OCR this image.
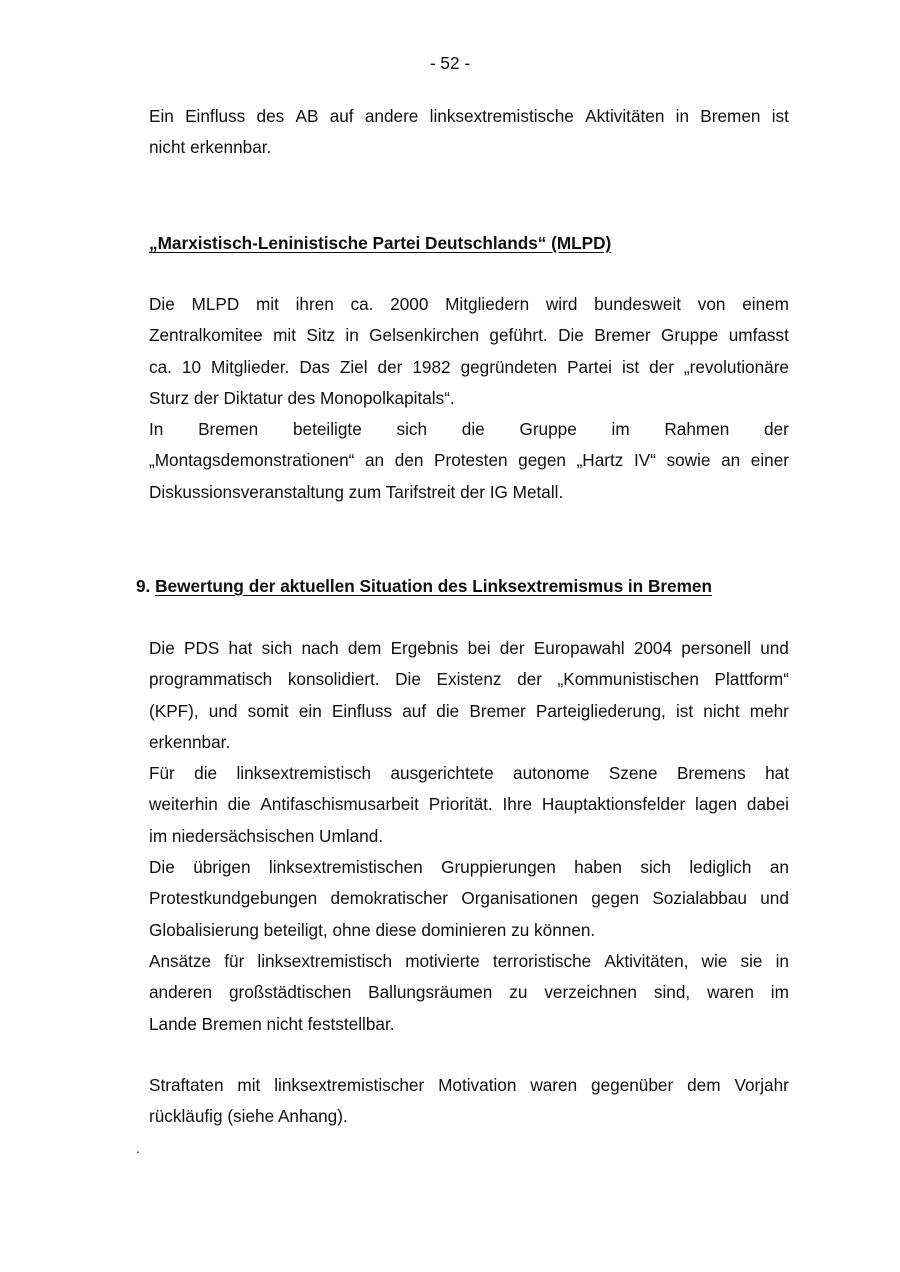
- 52 -

Ein Einfluss des AB auf andere linksextremistische Aktivitäten in Bremen ist

nicht erkennbar.

„Marxistisch-Leninistische Partei Deutschlands“ (MLPD)

Die MLPD mit ihren ca. 2000 Mitgliedern wird bundesweit von einem

Zentralkomitee mit Sitz in Gelsenkirchen geführt. Die Bremer Gruppe umfasst

ca. 10 Mitglieder. Das Ziel der 1982 gegründeten Partei ist der „revolutionäre

Sturz der Diktatur des Monopolkapitals“.

In Bremen beteiligte sich die Gruppe im Rahmen der

„Montagsdemonstrationen“ an den Protesten gegen „Hartz IV“ sowie an einer

Diskussionsveranstaltung zum Tarifstreit der IG Metall.

9. Bewertung der aktuellen Situation des Linksextremismus in Bremen

Die PDS hat sich nach dem Ergebnis bei der Europawahl 2004 personell und

programmatisch konsolidiert. Die Existenz der „Kommunistischen Plattform“

(KPF), und somit ein Einfluss auf die Bremer Parteigliederung, ist nicht mehr

erkennbar.

Für die linksextremistisch ausgerichtete autonome Szene Bremens hat

weiterhin die Antifaschismusarbeit Priorität. Ihre Hauptaktionsfelder lagen dabei

im niedersächsischen Umland.

Die übrigen linksextremistischen Gruppierungen haben sich lediglich an

Protestkundgebungen demokratischer Organisationen gegen Sozialabbau und

Globalisierung beteiligt, ohne diese dominieren zu können.

Ansätze für linksextremistisch motivierte terroristische Aktivitäten, wie sie in

anderen großstädtischen Ballungsräumen zu verzeichnen sind, waren im

Lande Bremen nicht feststellbar.

Straftaten mit linksextremistischer Motivation waren gegenüber dem Vorjahr

rückläufig (siehe Anhang).

.
